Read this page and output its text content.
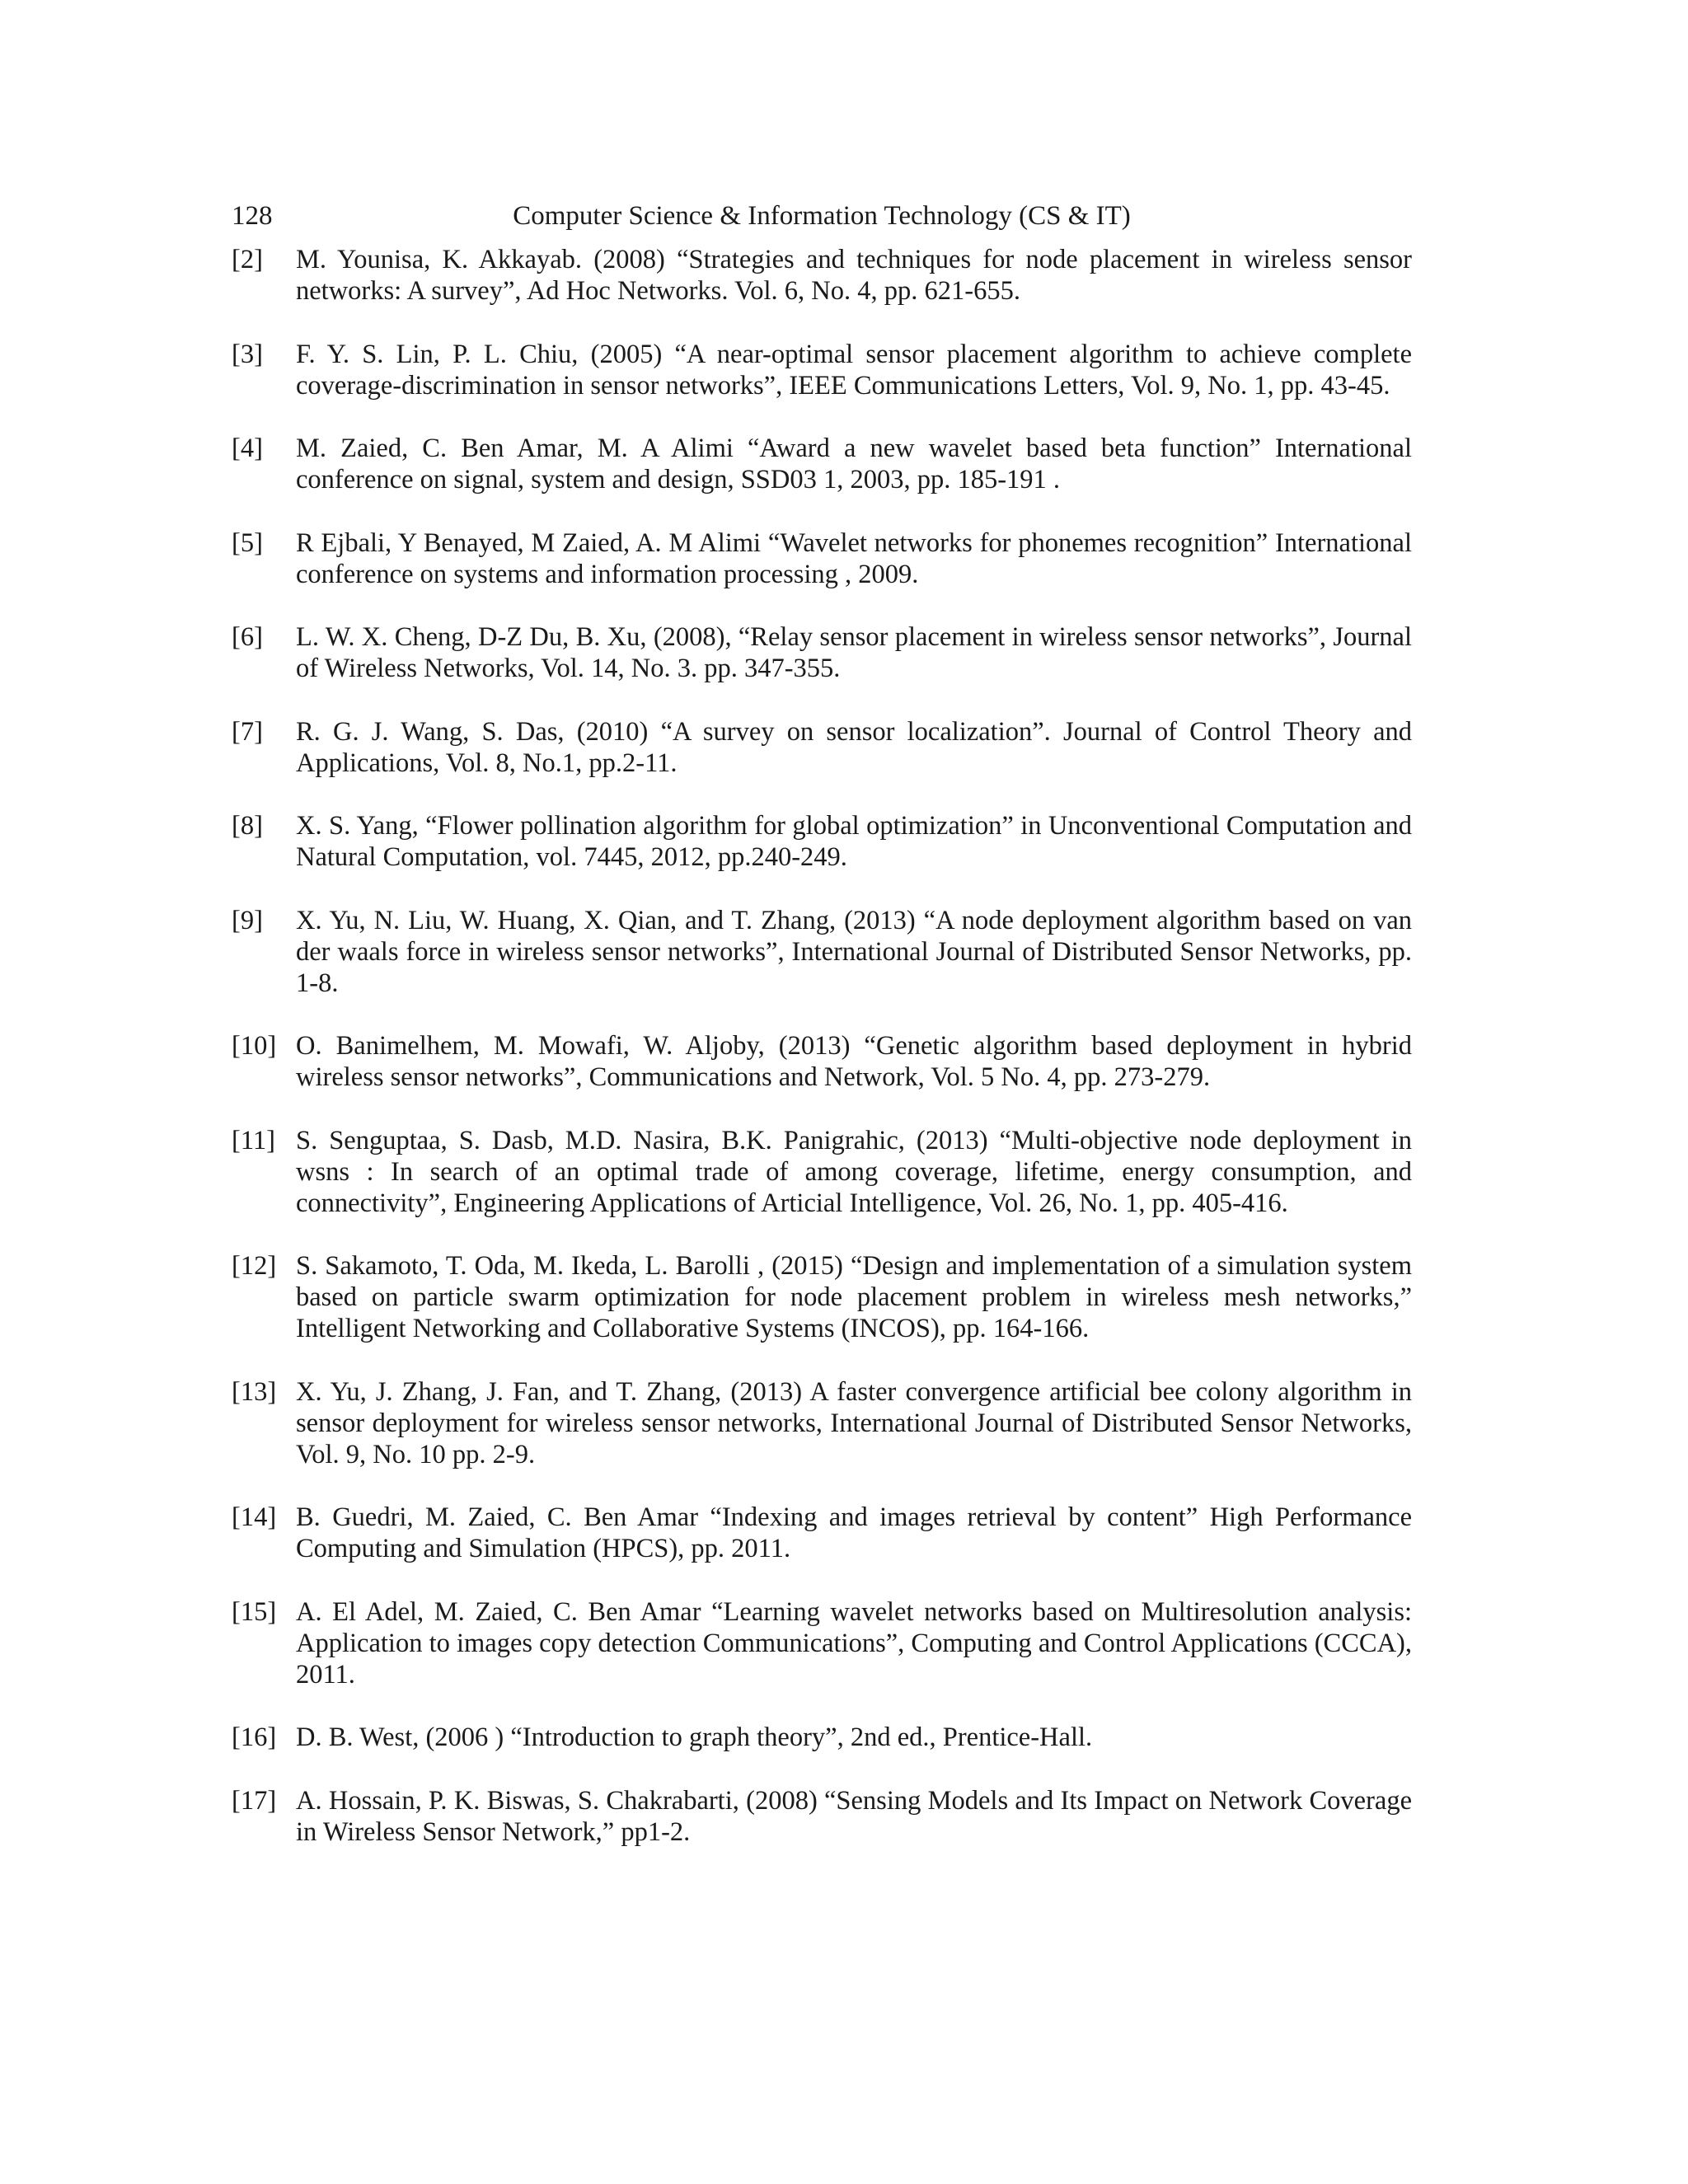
128	Computer Science & Information Technology (CS & IT)
[2] M. Younisa, K. Akkayab. (2008) “Strategies and techniques for node placement in wireless sensor networks: A survey”, Ad Hoc Networks. Vol. 6, No. 4, pp. 621-655.
[3] F. Y. S. Lin, P. L. Chiu, (2005) “A near-optimal sensor placement algorithm to achieve complete coverage-discrimination in sensor networks”, IEEE Communications Letters, Vol. 9, No. 1, pp. 43-45.
[4] M. Zaied, C. Ben Amar, M. A Alimi “Award a new wavelet based beta function” International conference on signal, system and design, SSD03 1, 2003, pp. 185-191 .
[5] R Ejbali, Y Benayed, M Zaied, A. M Alimi “Wavelet networks for phonemes recognition” International conference on systems and information processing , 2009.
[6] L. W. X. Cheng, D-Z Du, B. Xu, (2008), “Relay sensor placement in wireless sensor networks”, Journal of Wireless Networks, Vol. 14, No. 3. pp. 347-355.
[7] R. G. J. Wang, S. Das, (2010) “A survey on sensor localization”. Journal of Control Theory and Applications, Vol. 8, No.1, pp.2-11.
[8] X. S. Yang, “Flower pollination algorithm for global optimization” in Unconventional Computation and Natural Computation, vol. 7445, 2012, pp.240-249.
[9] X. Yu, N. Liu, W. Huang, X. Qian, and T. Zhang, (2013) “A node deployment algorithm based on van der waals force in wireless sensor networks”, International Journal of Distributed Sensor Networks, pp. 1-8.
[10] O. Banimelhem, M. Mowafi, W. Aljoby, (2013) “Genetic algorithm based deployment in hybrid wireless sensor networks”, Communications and Network, Vol. 5 No. 4, pp. 273-279.
[11] S. Senguptaa, S. Dasb, M.D. Nasira, B.K. Panigrahic, (2013) “Multi-objective node deployment in wsns : In search of an optimal trade of among coverage, lifetime, energy consumption, and connectivity”, Engineering Applications of Articial Intelligence, Vol. 26, No. 1, pp. 405-416.
[12] S. Sakamoto, T. Oda, M. Ikeda, L. Barolli , (2015) “Design and implementation of a simulation system based on particle swarm optimization for node placement problem in wireless mesh networks,” Intelligent Networking and Collaborative Systems (INCOS), pp. 164-166.
[13] X. Yu, J. Zhang, J. Fan, and T. Zhang, (2013) A faster convergence artificial bee colony algorithm in sensor deployment for wireless sensor networks, International Journal of Distributed Sensor Networks, Vol. 9, No. 10 pp. 2-9.
[14] B. Guedri, M. Zaied, C. Ben Amar “Indexing and images retrieval by content” High Performance Computing and Simulation (HPCS), pp. 2011.
[15] A. El Adel, M. Zaied, C. Ben Amar “Learning wavelet networks based on Multiresolution analysis: Application to images copy detection Communications”, Computing and Control Applications (CCCA), 2011.
[16] D. B. West, (2006 ) “Introduction to graph theory”, 2nd ed., Prentice-Hall.
[17] A. Hossain, P. K. Biswas, S. Chakrabarti, (2008) “Sensing Models and Its Impact on Network Coverage in Wireless Sensor Network,” pp1-2.
